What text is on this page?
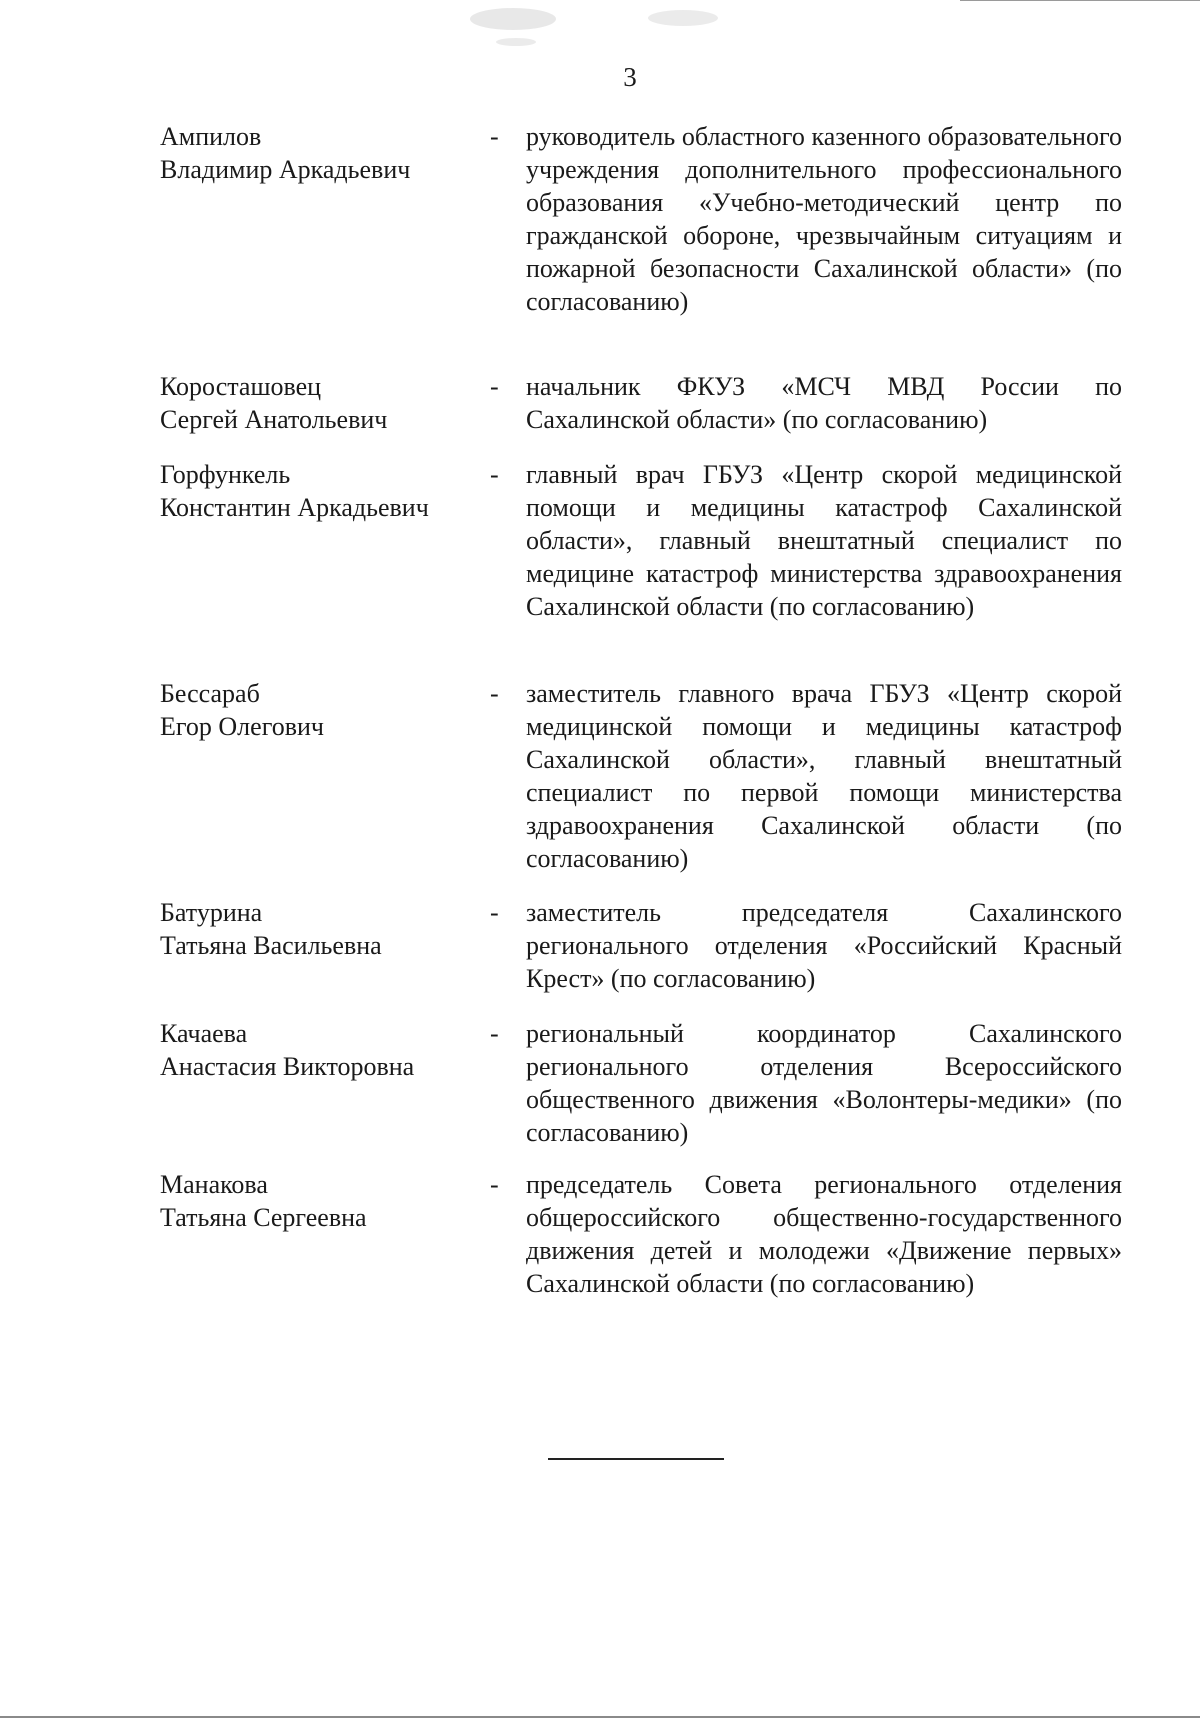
3
Ампилов
Владимир Аркадьевич
- руководитель областного казенного образовательного учреждения дополнительного профессионального образования «Учебно-методический центр по гражданской обороне, чрезвычайным ситуациям и пожарной безопасности Сахалинской области» (по согласованию)
Коросташовец
Сергей Анатольевич
- начальник ФКУЗ «МСЧ МВД России по Сахалинской области» (по согласованию)
Горфункель
Константин Аркадьевич
- главный врач ГБУЗ «Центр скорой медицинской помощи и медицины катастроф Сахалинской области», главный внештатный специалист по медицине катастроф министерства здравоохранения Сахалинской области (по согласованию)
Бессараб
Егор Олегович
- заместитель главного врача ГБУЗ «Центр скорой медицинской помощи и медицины катастроф Сахалинской области», главный внештатный специалист по первой помощи министерства здравоохранения Сахалинской области (по согласованию)
Батурина
Татьяна Васильевна
- заместитель председателя Сахалинского регионального отделения «Российский Красный Крест» (по согласованию)
Качаева
Анастасия Викторовна
- региональный координатор Сахалинского регионального отделения Всероссийского общественного движения «Волонтеры-медики» (по согласованию)
Манакова
Татьяна Сергеевна
- председатель Совета регионального отделения общероссийского общественно-государственного движения детей и молодежи «Движение первых» Сахалинской области (по согласованию)
